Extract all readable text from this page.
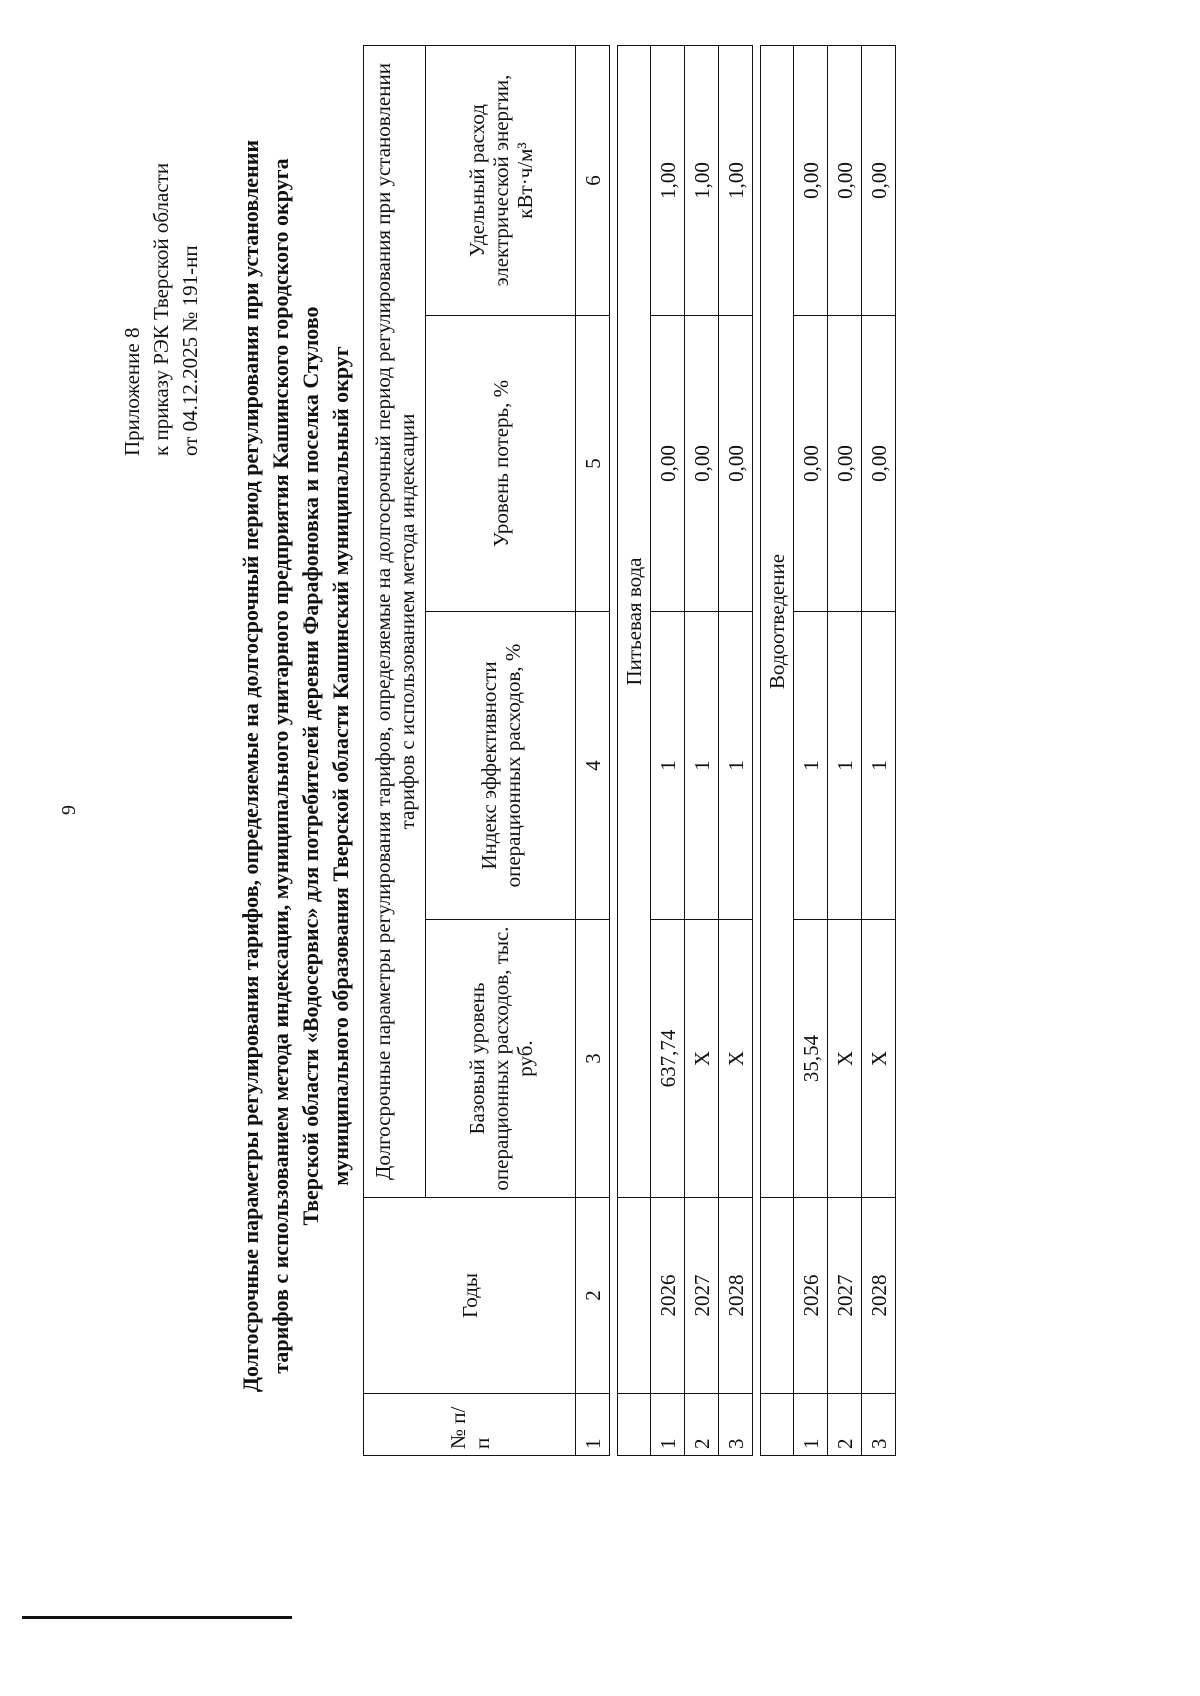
9
Приложение 8 к приказу РЭК Тверской области от 04.12.2025 № 191-нп Долгосрочные параметры регулирования тарифов, определяемые на долгосрочный период регулирования при установлении тарифов с использованием метода индексации, муниципального унитарного предприятия Кашинского городского округа Тверской области «Водосервис» для потребителей деревни Фарафоновка и поселка Стулово муниципального образования Тверской области Кашинский муниципальный округ
№ п/п	Годы	Долгосрочные параметры регулирования тарифов, определяемые на долгосрочный период регулирования при установлении тарифов с использованием метода индексации			
		Базовый уровень операционных расходов, тыс. руб.	Индекс эффективности операционных расходов, %	Уровень потерь, %	Удельный расход электрической энергии, кВт·ч/м³
1	2	3	4	5	6

		Питьевая вода			
1	2026	637,74	1	0,00	1,00
2	2027	X	1	0,00	1,00
3	2028	X	1	0,00	1,00

		Водоотведение			
1	2026	35,54	1	0,00	0,00
2	2027	X	1	0,00	0,00
3	2028	X	1	0,00	0,00
